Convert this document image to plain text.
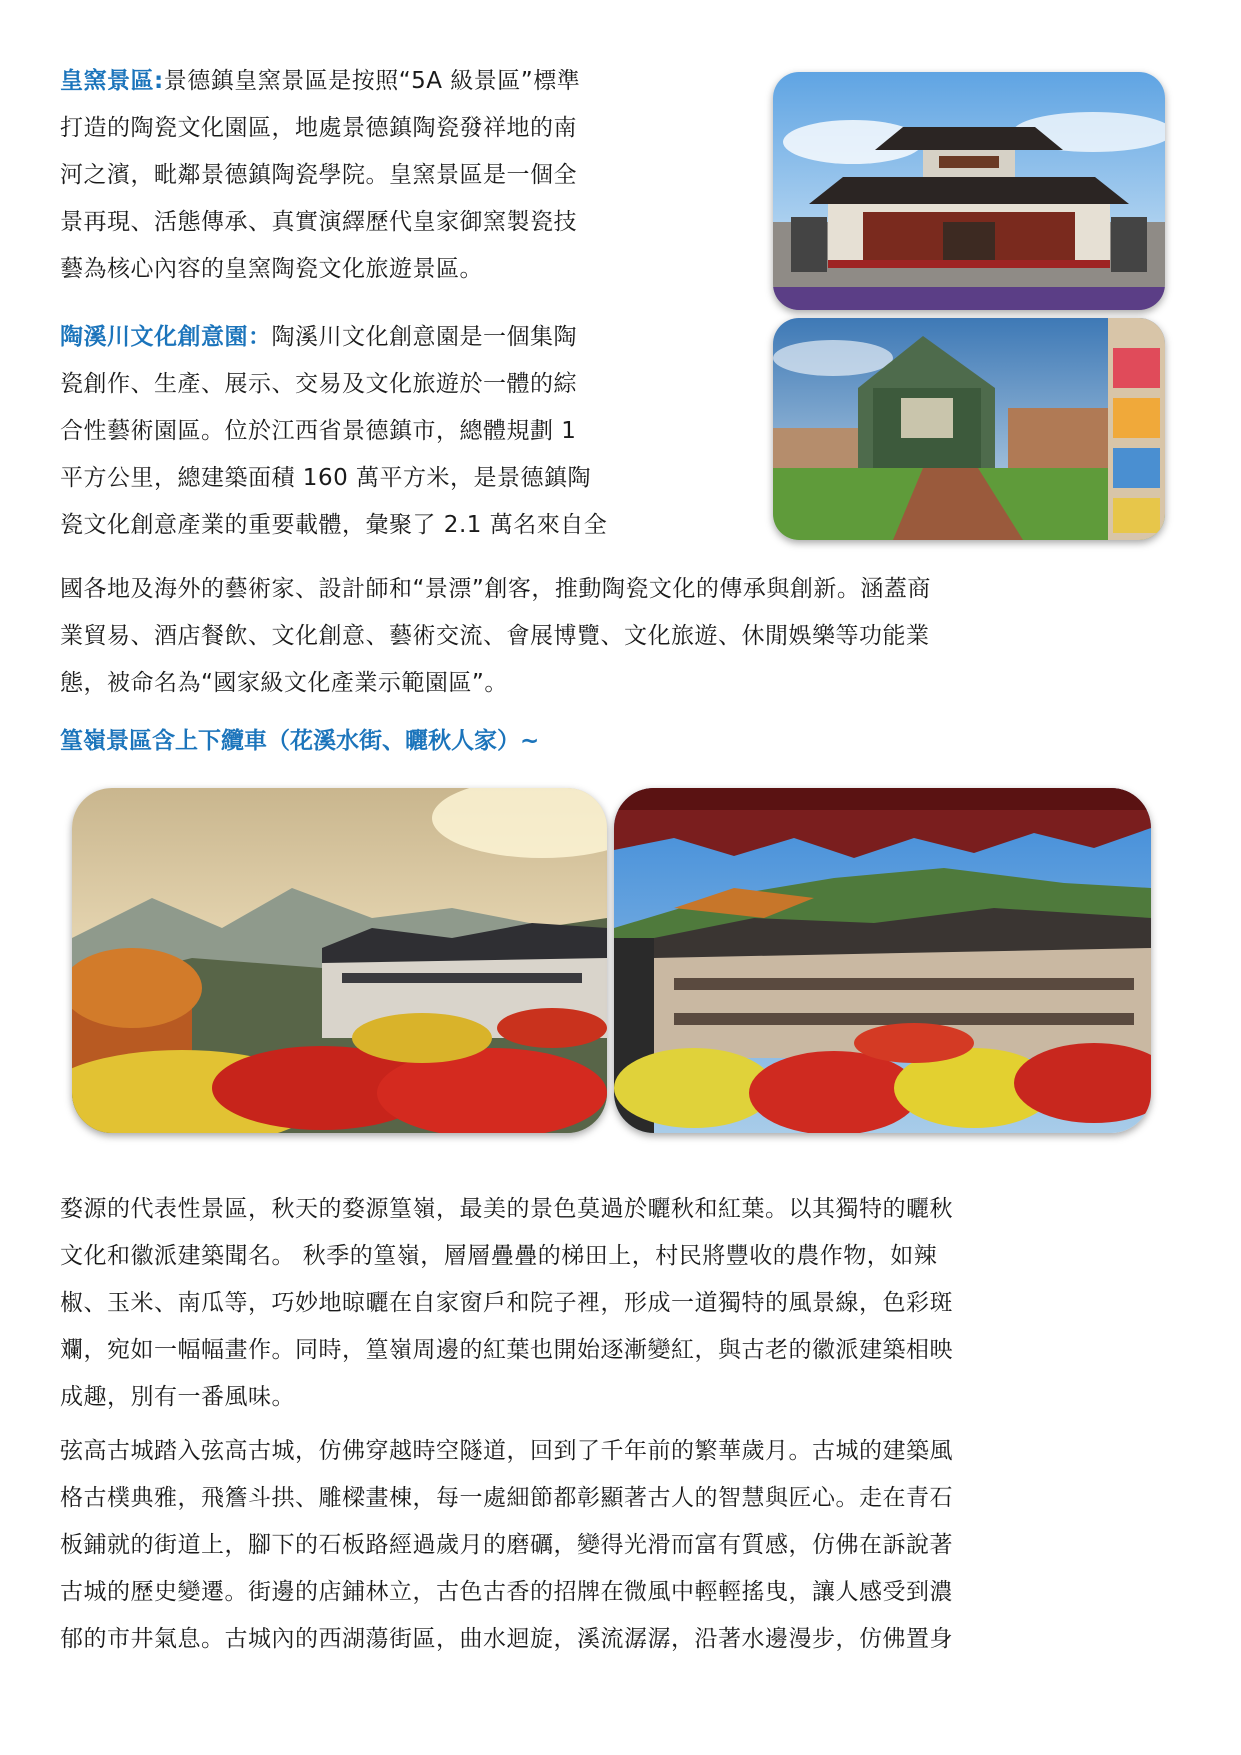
皇窯景區:景德鎮皇窯景區是按照“5A 級景區”標準

打造的陶瓷文化園區，地處景德鎮陶瓷發祥地的南

河之濱，毗鄰景德鎮陶瓷學院。皇窯景區是一個全

景再現、活態傳承、真實演繹歷代皇家御窯製瓷技

藝為核心內容的皇窯陶瓷文化旅遊景區。

陶溪川文化創意園：陶溪川文化創意園是一個集陶

瓷創作、生產、展示、交易及文化旅遊於一體的綜

合性藝術園區。位於江西省景德鎮市，總體規劃 1

平方公里，總建築面積 160 萬平方米，是景德鎮陶

瓷文化創意產業的重要載體，彙聚了 2.1 萬名來自全

國各地及海外的藝術家、設計師和“景漂”創客，推動陶瓷文化的傳承與創新。涵蓋商

業貿易、酒店餐飲、文化創意、藝術交流、會展博覽、文化旅遊、休閒娛樂等功能業

態，被命名為“國家級文化產業示範園區”。

篁嶺景區含上下纜車（花溪水街、曬秋人家）~

婺源的代表性景區，秋天的婺源篁嶺，最美的景色莫過於曬秋和紅葉。以其獨特的曬秋

文化和徽派建築聞名。 秋季的篁嶺，層層疊疊的梯田上，村民將豐收的農作物，如辣

椒、玉米、南瓜等，巧妙地晾曬在自家窗戶和院子裡，形成一道獨特的風景線，色彩斑

斕，宛如一幅幅畫作。同時，篁嶺周邊的紅葉也開始逐漸變紅，與古老的徽派建築相映

成趣，別有一番風味。

弦高古城踏入弦高古城，仿佛穿越時空隧道，回到了千年前的繁華歲月。古城的建築風

格古樸典雅，飛簷斗拱、雕樑畫棟，每一處細節都彰顯著古人的智慧與匠心。走在青石

板鋪就的街道上，腳下的石板路經過歲月的磨礪，變得光滑而富有質感，仿佛在訴說著

古城的歷史變遷。街邊的店鋪林立，古色古香的招牌在微風中輕輕搖曳，讓人感受到濃

郁的市井氣息。古城內的西湖蕩街區，曲水迴旋，溪流潺潺，沿著水邊漫步，仿佛置身
